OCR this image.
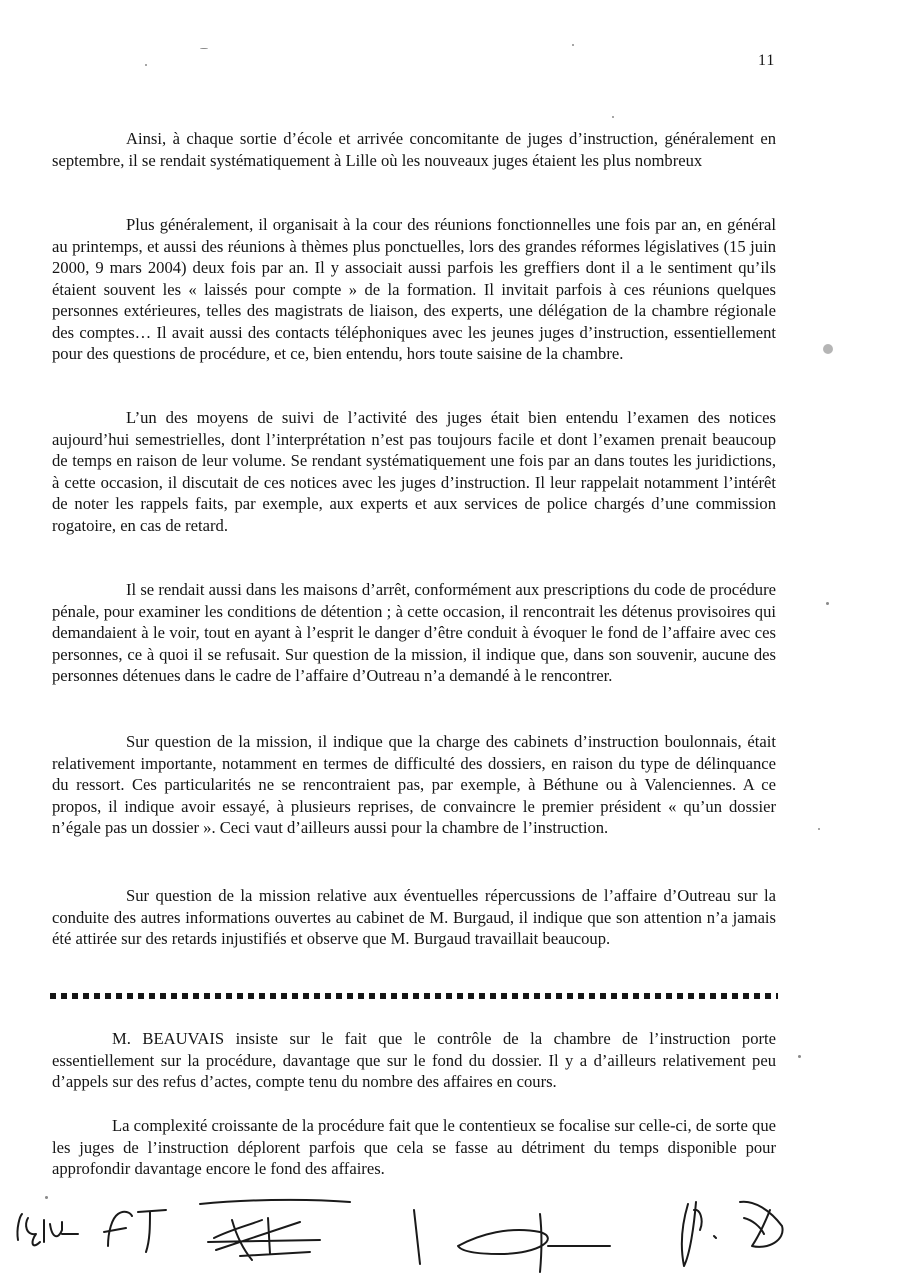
11

Ainsi, à chaque sortie d’école et arrivée concomitante de juges d’instruction, généralement en septembre, il se rendait systématiquement à Lille où les nouveaux juges étaient les plus nombreux

Plus généralement, il organisait à la cour des réunions fonctionnelles une fois par an, en général au printemps, et aussi des réunions à thèmes plus ponctuelles, lors des grandes réformes législatives (15 juin 2000, 9 mars 2004) deux fois par an. Il y associait aussi parfois les greffiers dont il a le sentiment qu’ils étaient souvent les « laissés pour compte » de la formation. Il invitait parfois à ces réunions quelques personnes extérieures, telles des magistrats de liaison, des experts, une délégation de la chambre régionale des comptes… Il avait aussi des contacts téléphoniques avec les jeunes juges d’instruction, essentiellement pour des questions de procédure, et ce, bien entendu, hors toute saisine de la chambre.

L’un des moyens de suivi de l’activité des juges était bien entendu l’examen des notices aujourd’hui semestrielles, dont l’interprétation n’est pas toujours facile et dont l’examen prenait beaucoup de temps en raison de leur volume. Se rendant systématiquement une fois par an dans toutes les juridictions, à cette occasion, il discutait de ces notices avec les juges d’instruction. Il leur rappelait notamment l’intérêt de noter les rappels faits, par exemple, aux experts et aux services de police chargés d’une commission rogatoire, en cas de retard.

Il se rendait aussi dans les maisons d’arrêt, conformément aux prescriptions du code de procédure pénale, pour examiner les conditions de détention ; à cette occasion, il rencontrait les détenus provisoires qui demandaient à le voir, tout en ayant à l’esprit le danger d’être conduit à évoquer le fond de l’affaire avec ces personnes, ce à quoi il se refusait. Sur question de la mission, il indique que, dans son souvenir, aucune des personnes détenues dans le cadre de l’affaire d’Outreau n’a demandé à le rencontrer.

Sur question de la mission, il indique que la charge des cabinets d’instruction boulonnais, était relativement importante, notamment en termes de difficulté des dossiers, en raison du type de délinquance du ressort. Ces particularités ne se rencontraient pas, par exemple, à Béthune ou à Valenciennes. A ce propos, il indique avoir essayé, à plusieurs reprises, de convaincre le premier président « qu’un dossier n’égale pas un dossier ». Ceci vaut d’ailleurs aussi pour la chambre de l’instruction.

Sur question de la mission relative aux éventuelles répercussions de l’affaire d’Outreau sur la conduite des autres informations ouvertes au cabinet de M. Burgaud, il indique que son attention n’a jamais été attirée sur des retards injustifiés et observe que M. Burgaud travaillait beaucoup.

M. BEAUVAIS insiste sur le fait que le contrôle de la chambre de l’instruction porte essentiellement sur la procédure, davantage que sur le fond du dossier. Il y a d’ailleurs relativement peu d’appels sur des refus d’actes, compte tenu du nombre des affaires en cours.

La complexité croissante de la procédure fait que le contentieux se focalise sur celle-ci, de sorte que les juges de l’instruction déplorent parfois que cela se fasse au détriment du temps disponible pour approfondir davantage encore le fond des affaires.
